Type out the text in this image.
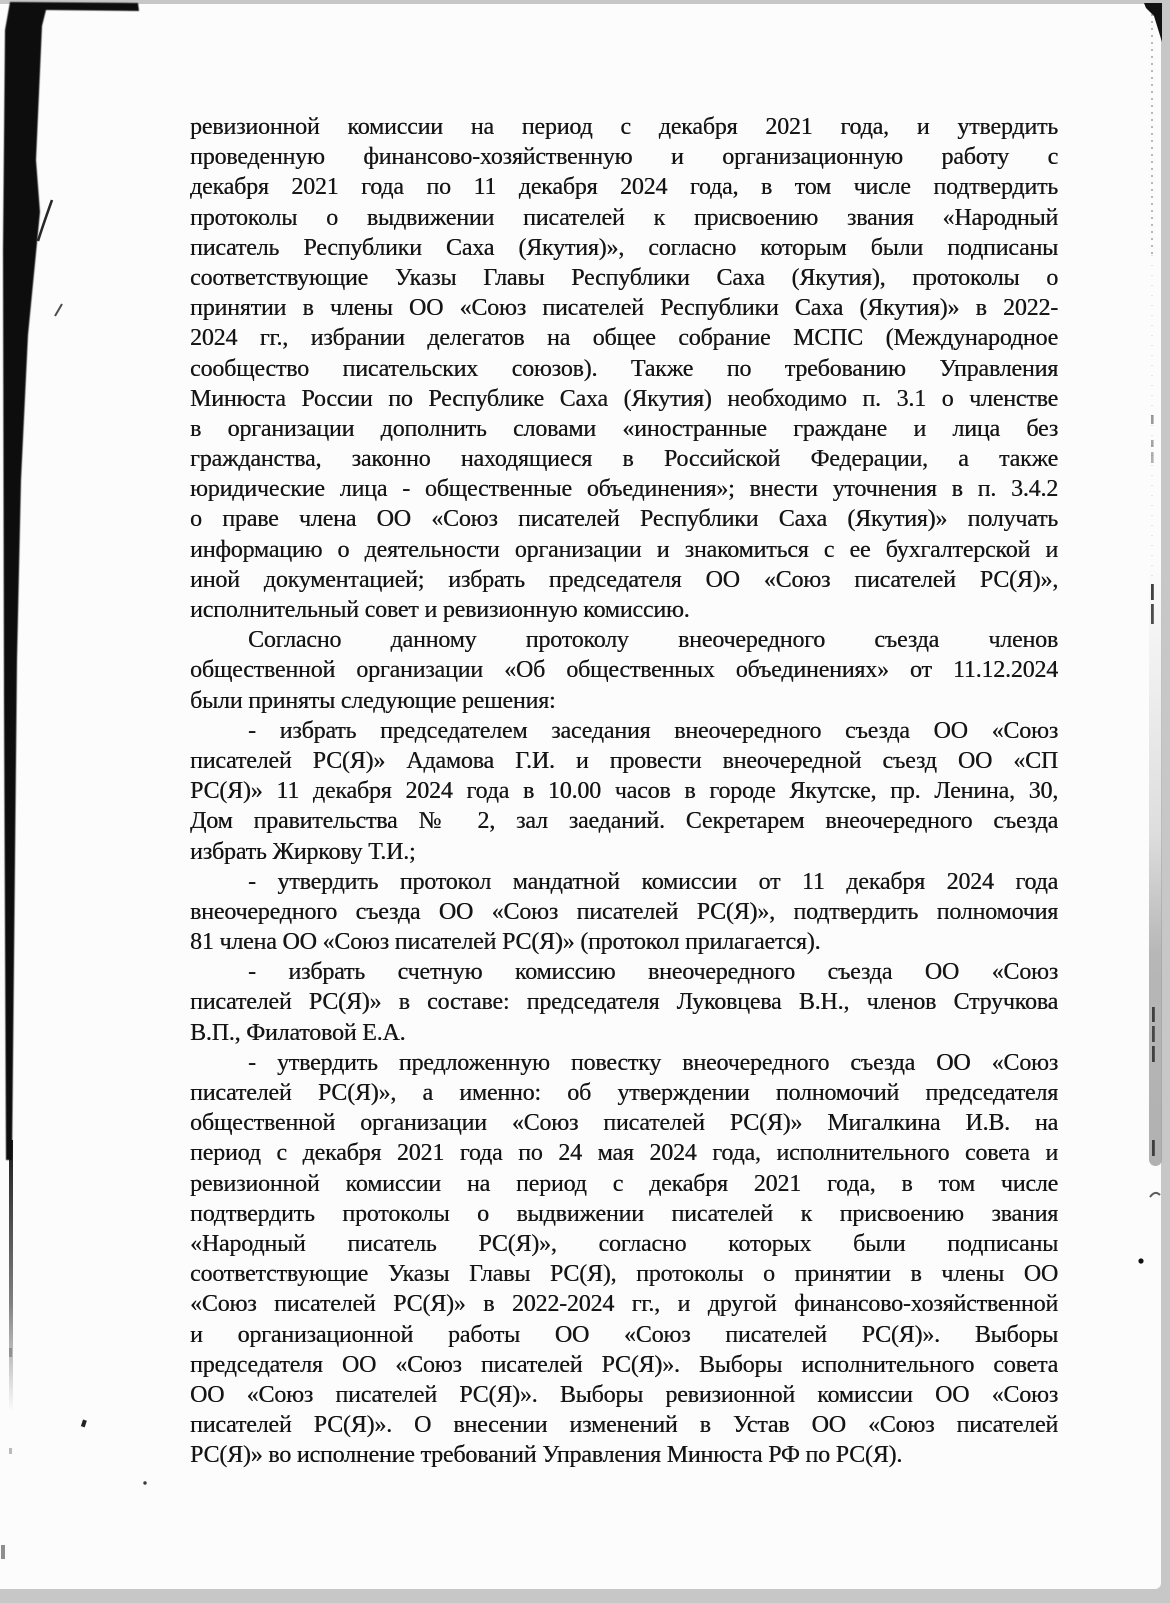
ревизионной комиссии на период с декабря 2021 года, и утвердить
проведенную финансово-хозяйственную и организационную работу с
декабря 2021 года по 11 декабря 2024 года, в том числе подтвердить
протоколы о выдвижении писателей к присвоению звания «Народный
писатель Республики Саха (Якутия)», согласно которым были подписаны
соответствующие Указы Главы Республики Саха (Якутия), протоколы о
принятии в члены ОО «Союз писателей Республики Саха (Якутия)» в 2022-
2024 гг., избрании делегатов на общее собрание МСПС (Международное
сообщество писательских союзов). Также по требованию Управления
Минюста России по Республике Саха (Якутия) необходимо п. 3.1 о членстве
в организации дополнить словами «иностранные граждане и лица без
гражданства, законно находящиеся в Российской Федерации, а также
юридические лица - общественные объединения»; внести уточнения в п. 3.4.2
о праве члена ОО «Союз писателей Республики Саха (Якутия)» получать
информацию о деятельности организации и знакомиться с ее бухгалтерской и
иной документацией; избрать председателя ОО «Союз писателей РС(Я)»,
исполнительный совет и ревизионную комиссию.
Согласно данному протоколу внеочередного съезда членов
общественной организации «Об общественных объединениях» от 11.12.2024
были приняты следующие решения:
- избрать председателем заседания внеочередного съезда ОО «Союз
писателей РС(Я)» Адамова Г.И. и провести внеочередной съезд ОО «СП
РС(Я)» 11 декабря 2024 года в 10.00 часов в городе Якутске, пр. Ленина, 30,
Дом правительства № 2, зал заеданий. Секретарем внеочередного съезда
избрать Жиркову Т.И.;
- утвердить протокол мандатной комиссии от 11 декабря 2024 года
внеочередного съезда ОО «Союз писателей РС(Я)», подтвердить полномочия
81 члена ОО «Союз писателей РС(Я)» (протокол прилагается).
- избрать счетную комиссию внеочередного съезда ОО «Союз
писателей РС(Я)» в составе: председателя Луковцева В.Н., членов Стручкова
В.П., Филатовой Е.А.
- утвердить предложенную повестку внеочередного съезда ОО «Союз
писателей РС(Я)», а именно: об утверждении полномочий председателя
общественной организации «Союз писателей РС(Я)» Мигалкина И.В. на
период с декабря 2021 года по 24 мая 2024 года, исполнительного совета и
ревизионной комиссии на период с декабря 2021 года, в том числе
подтвердить протоколы о выдвижении писателей к присвоению звания
«Народный писатель РС(Я)», согласно которых были подписаны
соответствующие Указы Главы РС(Я), протоколы о принятии в члены ОО
«Союз писателей РС(Я)» в 2022-2024 гг., и другой финансово-хозяйственной
и организационной работы ОО «Союз писателей РС(Я)». Выборы
председателя ОО «Союз писателей РС(Я)». Выборы исполнительного совета
ОО «Союз писателей РС(Я)». Выборы ревизионной комиссии ОО «Союз
писателей РС(Я)». О внесении изменений в Устав ОО «Союз писателей
РС(Я)» во исполнение требований Управления Минюста РФ по РС(Я).
